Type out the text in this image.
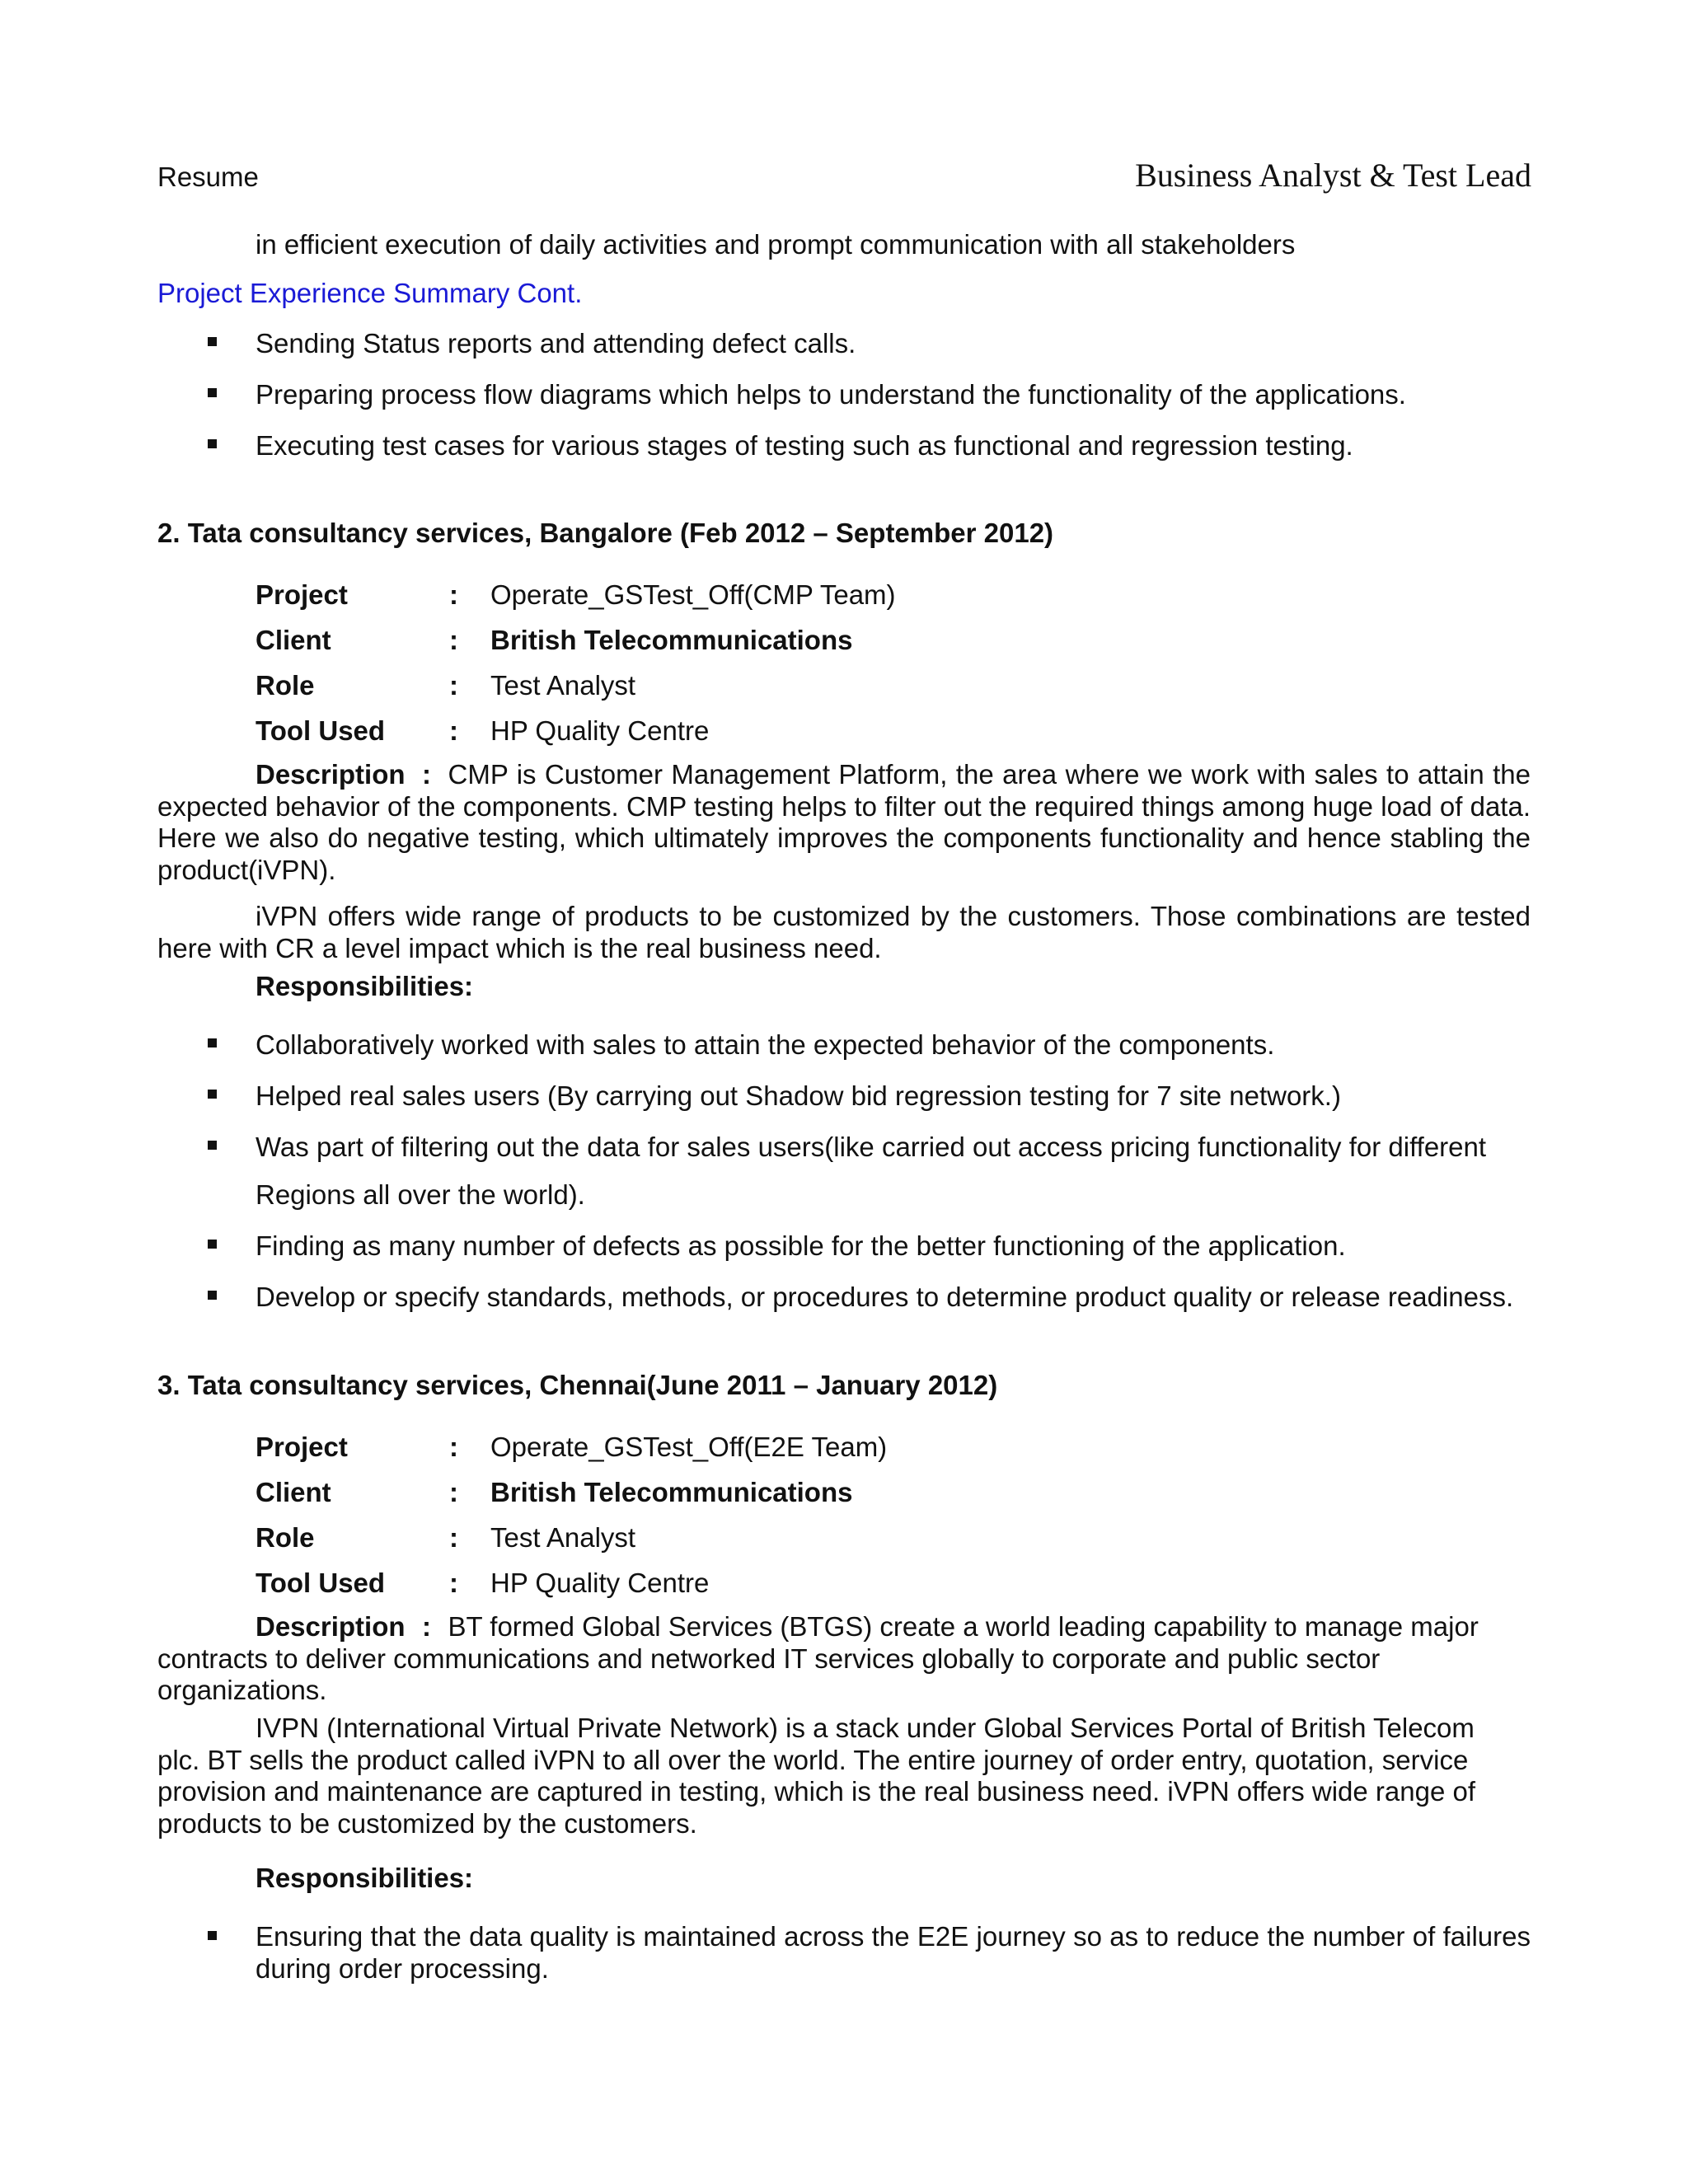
Resume	Business Analyst & Test Lead
in efficient execution of daily activities and prompt communication with all stakeholders
Project Experience Summary Cont.
Sending Status reports and attending defect calls.
Preparing process flow diagrams which helps to understand the functionality of the applications.
Executing test cases for various stages of testing such as functional and regression testing.
2. Tata consultancy services, Bangalore (Feb 2012 – September 2012)
Project	: Operate_GSTest_Off(CMP Team)
Client	: British Telecommunications
Role	: Test Analyst
Tool Used : HP Quality Centre
Description : CMP is Customer Management Platform, the area where we work with sales to attain the expected behavior of the components. CMP testing helps to filter out the required things among huge load of data. Here we also do negative testing, which ultimately improves the components functionality and hence stabling the product(iVPN).
iVPN offers wide range of products to be customized by the customers. Those combinations are tested here with CR a level impact which is the real business need.
Responsibilities:
Collaboratively worked with sales to attain the expected behavior of the components.
Helped real sales users (By carrying out Shadow bid regression testing for 7 site network.)
Was part of filtering out the data for sales users(like carried out access pricing functionality for different
Regions all over the world).
Finding as many number of defects as possible for the better functioning of the application.
Develop or specify standards, methods, or procedures to determine product quality or release readiness.
3. Tata consultancy services, Chennai(June 2011 – January 2012)
Project	: Operate_GSTest_Off(E2E Team)
Client	: British Telecommunications
Role	: Test Analyst
Tool Used : HP Quality Centre
Description : BT formed Global Services (BTGS) create a world leading capability to manage major contracts to deliver communications and networked IT services globally to corporate and public sector organizations.
IVPN (International Virtual Private Network) is a stack under Global Services Portal of British Telecom plc. BT sells the product called iVPN to all over the world. The entire journey of order entry, quotation, service provision and maintenance are captured in testing, which is the real business need. iVPN offers wide range of products to be customized by the customers.
Responsibilities:
Ensuring that the data quality is maintained across the E2E journey so as to reduce the number of failures during order processing.
